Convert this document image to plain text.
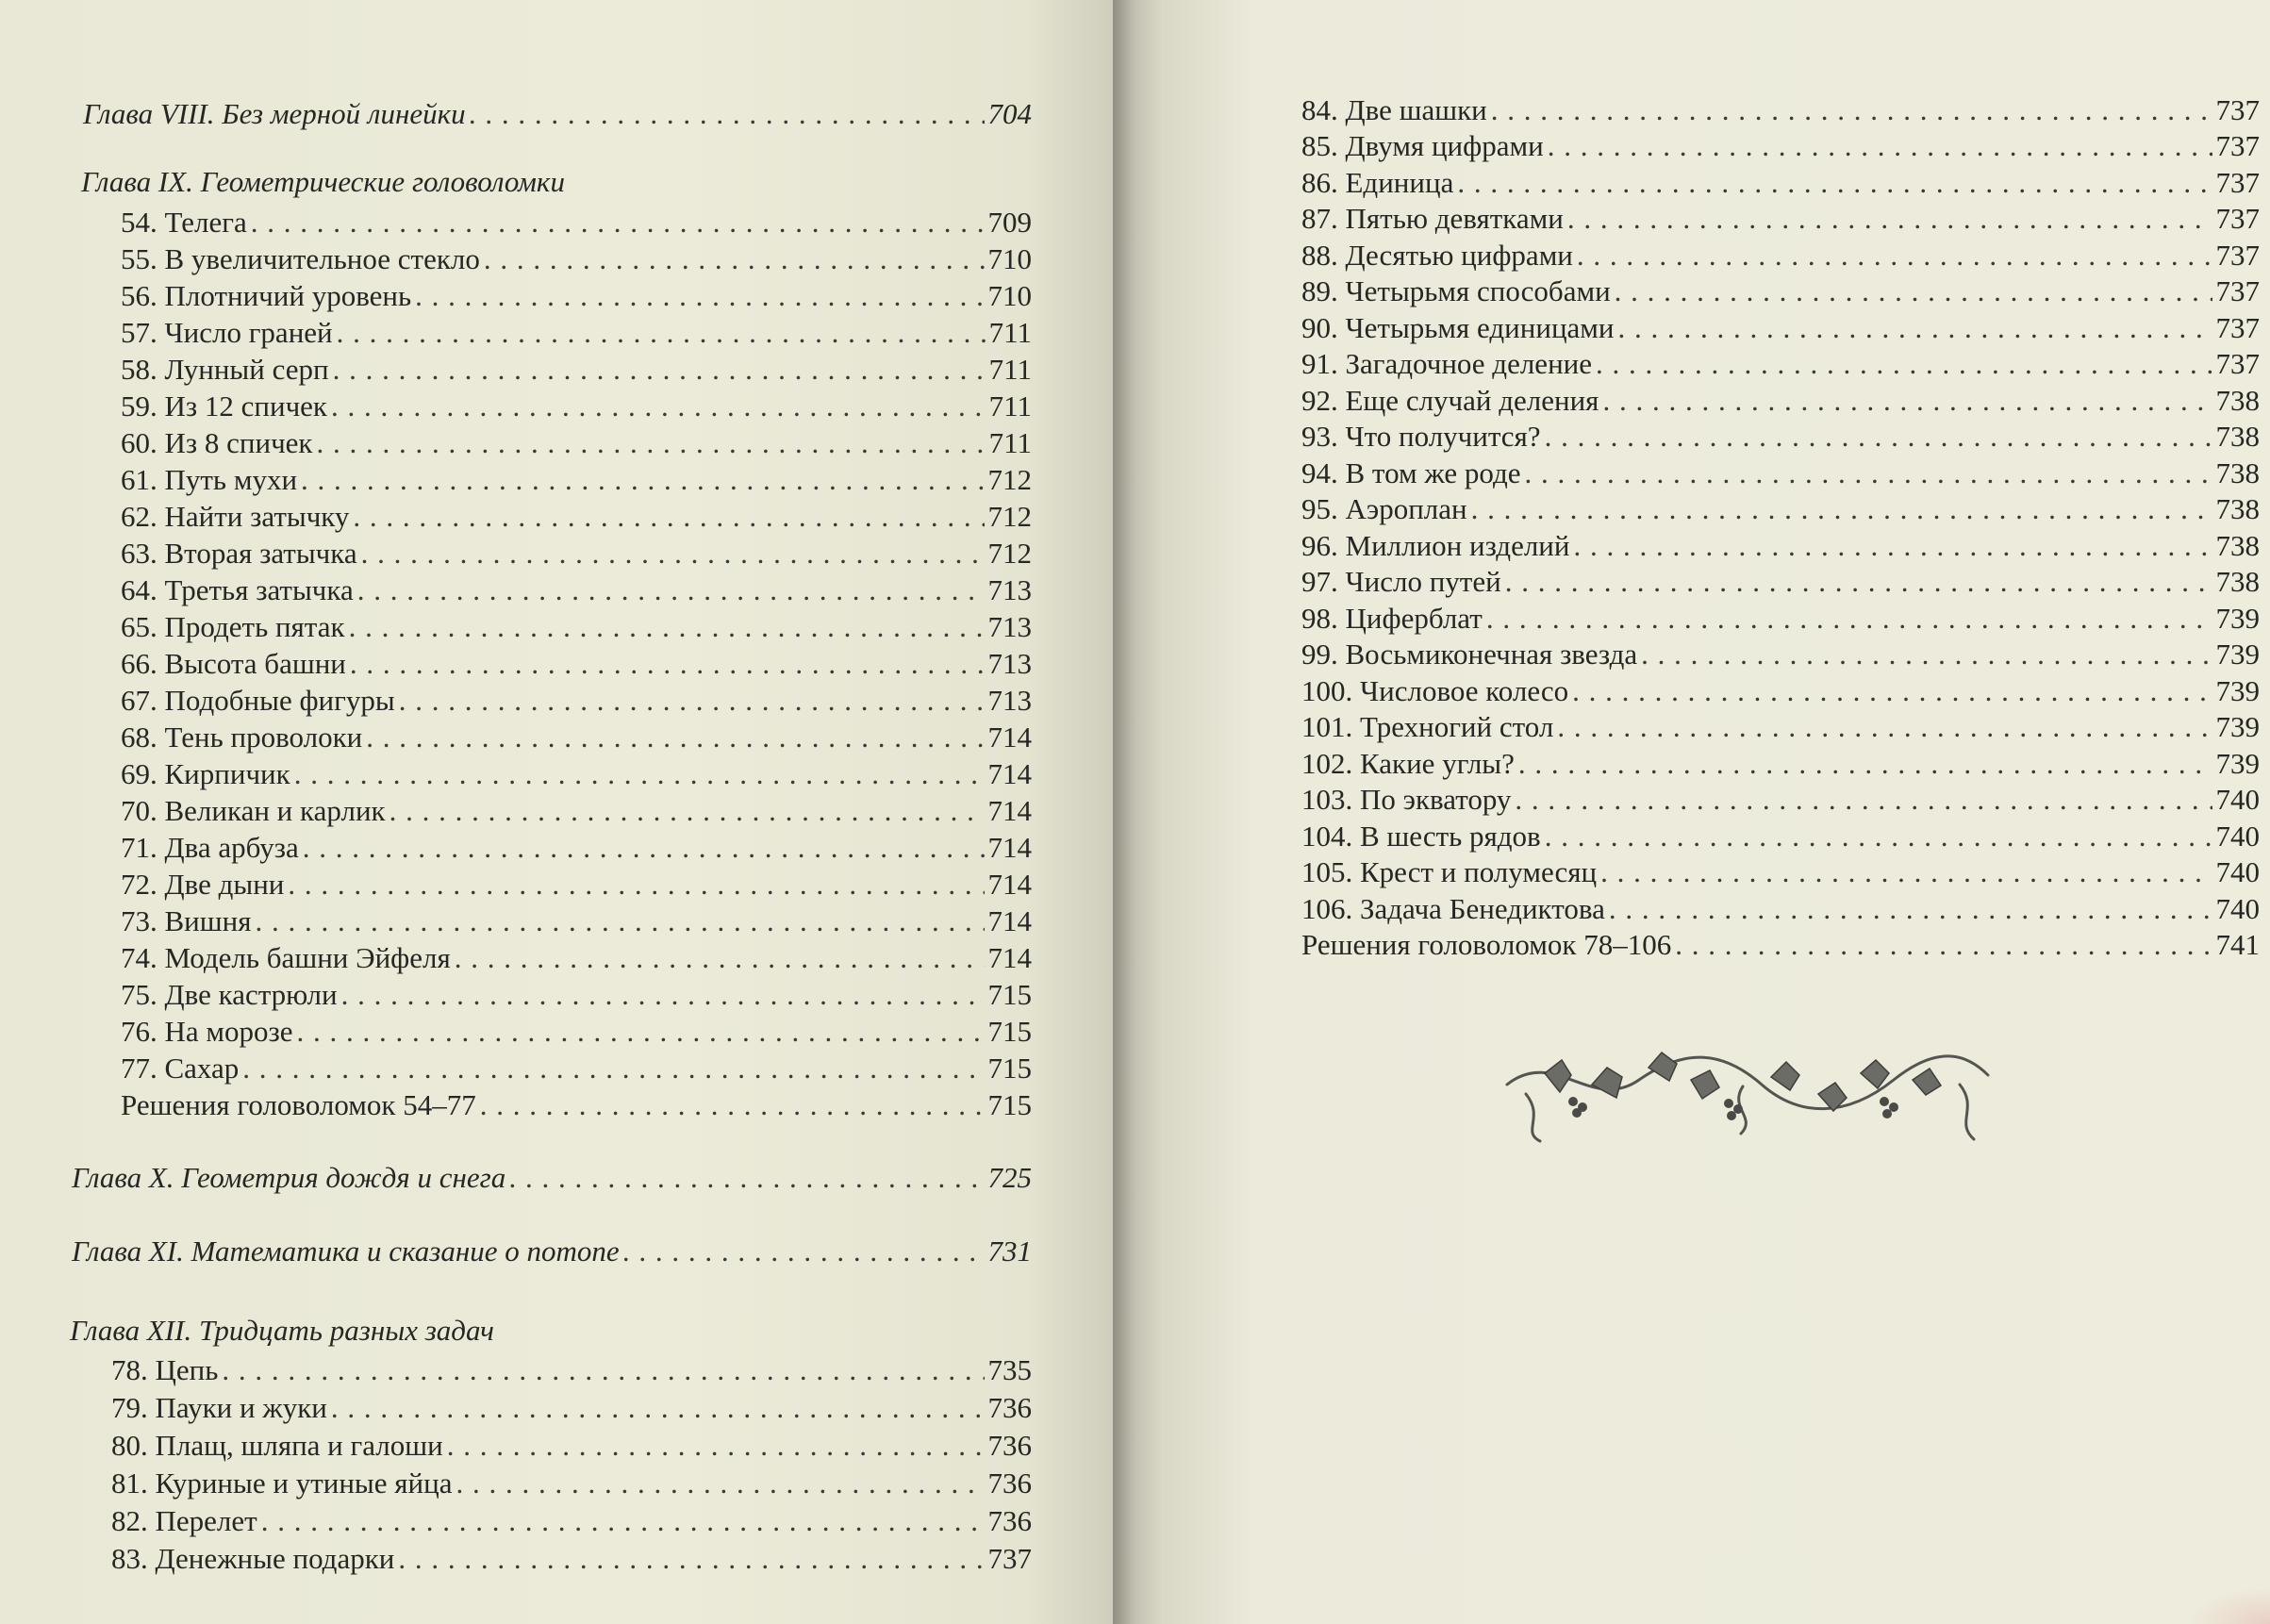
Глава VIII. Без мерной линейки . . .	704
Глава IX. Геометрические головоломки
54. Телега . . .	709
55. В увеличительное стекло . . .	710
56. Плотничий уровень . . .	710
57. Число граней . . .	711
58. Лунный серп . . .	711
59. Из 12 спичек . . .	711
60. Из 8 спичек . . .	711
61. Путь мухи . . .	712
62. Найти затычку . . .	712
63. Вторая затычка . . .	712
64. Третья затычка . . .	713
65. Продеть пятак . . .	713
66. Высота башни . . .	713
67. Подобные фигуры . . .	713
68. Тень проволоки . . .	714
69. Кирпичик . . .	714
70. Великан и карлик . . .	714
71. Два арбуза . . .	714
72. Две дыни . . .	714
73. Вишня . . .	714
74. Модель башни Эйфеля . . .	714
75. Две кастрюли . . .	715
76. На морозе . . .	715
77. Сахар . . .	715
Решения головоломок 54–77 . . .	715
Глава X. Геометрия дождя и снега . . .	725
Глава XI. Математика и сказание о потопе . . .	731
Глава XII. Тридцать разных задач
78. Цепь . . .	735
79. Пауки и жуки . . .	736
80. Плащ, шляпа и галоши . . .	736
81. Куриные и утиные яйца . . .	736
82. Перелет . . .	736
83. Денежные подарки . . .	737
84. Две шашки . . .	737
85. Двумя цифрами . . .	737
86. Единица . . .	737
87. Пятью девятками . . .	737
88. Десятью цифрами . . .	737
89. Четырьмя способами . . .	737
90. Четырьмя единицами . . .	737
91. Загадочное деление . . .	737
92. Еще случай деления . . .	738
93. Что получится? . . .	738
94. В том же роде . . .	738
95. Аэроплан . . .	738
96. Миллион изделий . . .	738
97. Число путей . . .	738
98. Циферблат . . .	739
99. Восьмиконечная звезда . . .	739
100. Числовое колесо . . .	739
101. Трехногий стол . . .	739
102. Какие углы? . . .	739
103. По экватору . . .	740
104. В шесть рядов . . .	740
105. Крест и полумесяц . . .	740
106. Задача Бенедиктова . . .	740
Решения головоломок 78–106 . . .	741
